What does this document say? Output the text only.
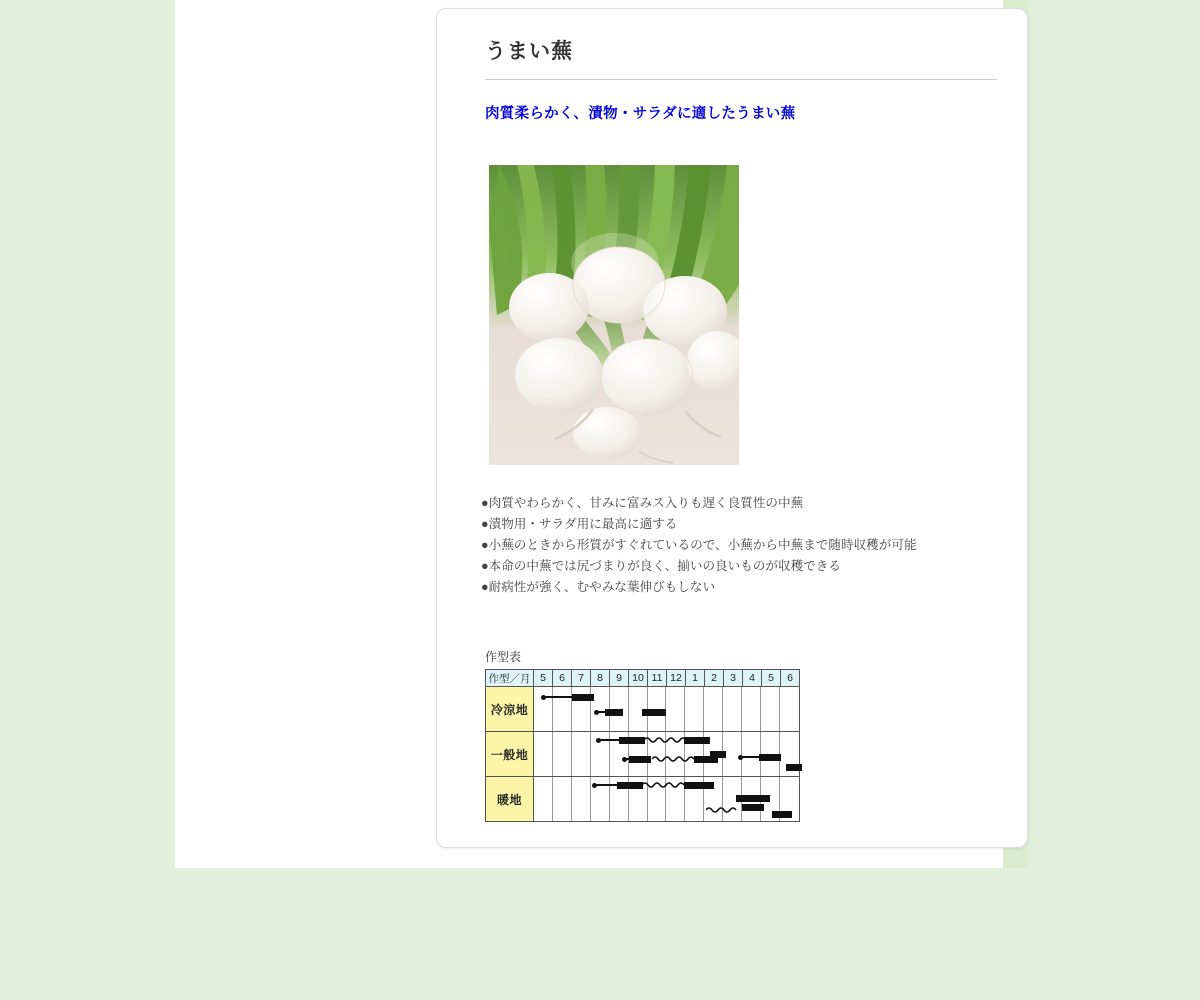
うまい蕪
肉質柔らかく、漬物・サラダに適したうまい蕪
●肉質やわらかく、甘みに富みス入りも遅く良質性の中蕪
●漬物用・サラダ用に最高に適する
●小蕪のときから形質がすぐれているので、小蕪から中蕪まで随時収穫が可能
●本命の中蕪では尻づまりが良く、揃いの良いものが収穫できる
●耐病性が強く、むやみな葉伸びもしない
作型表
作型／月	5	6	7	8	9	10	11	12	1	2	3	4	5	6
冷涼地														

一般地	

暖地	
